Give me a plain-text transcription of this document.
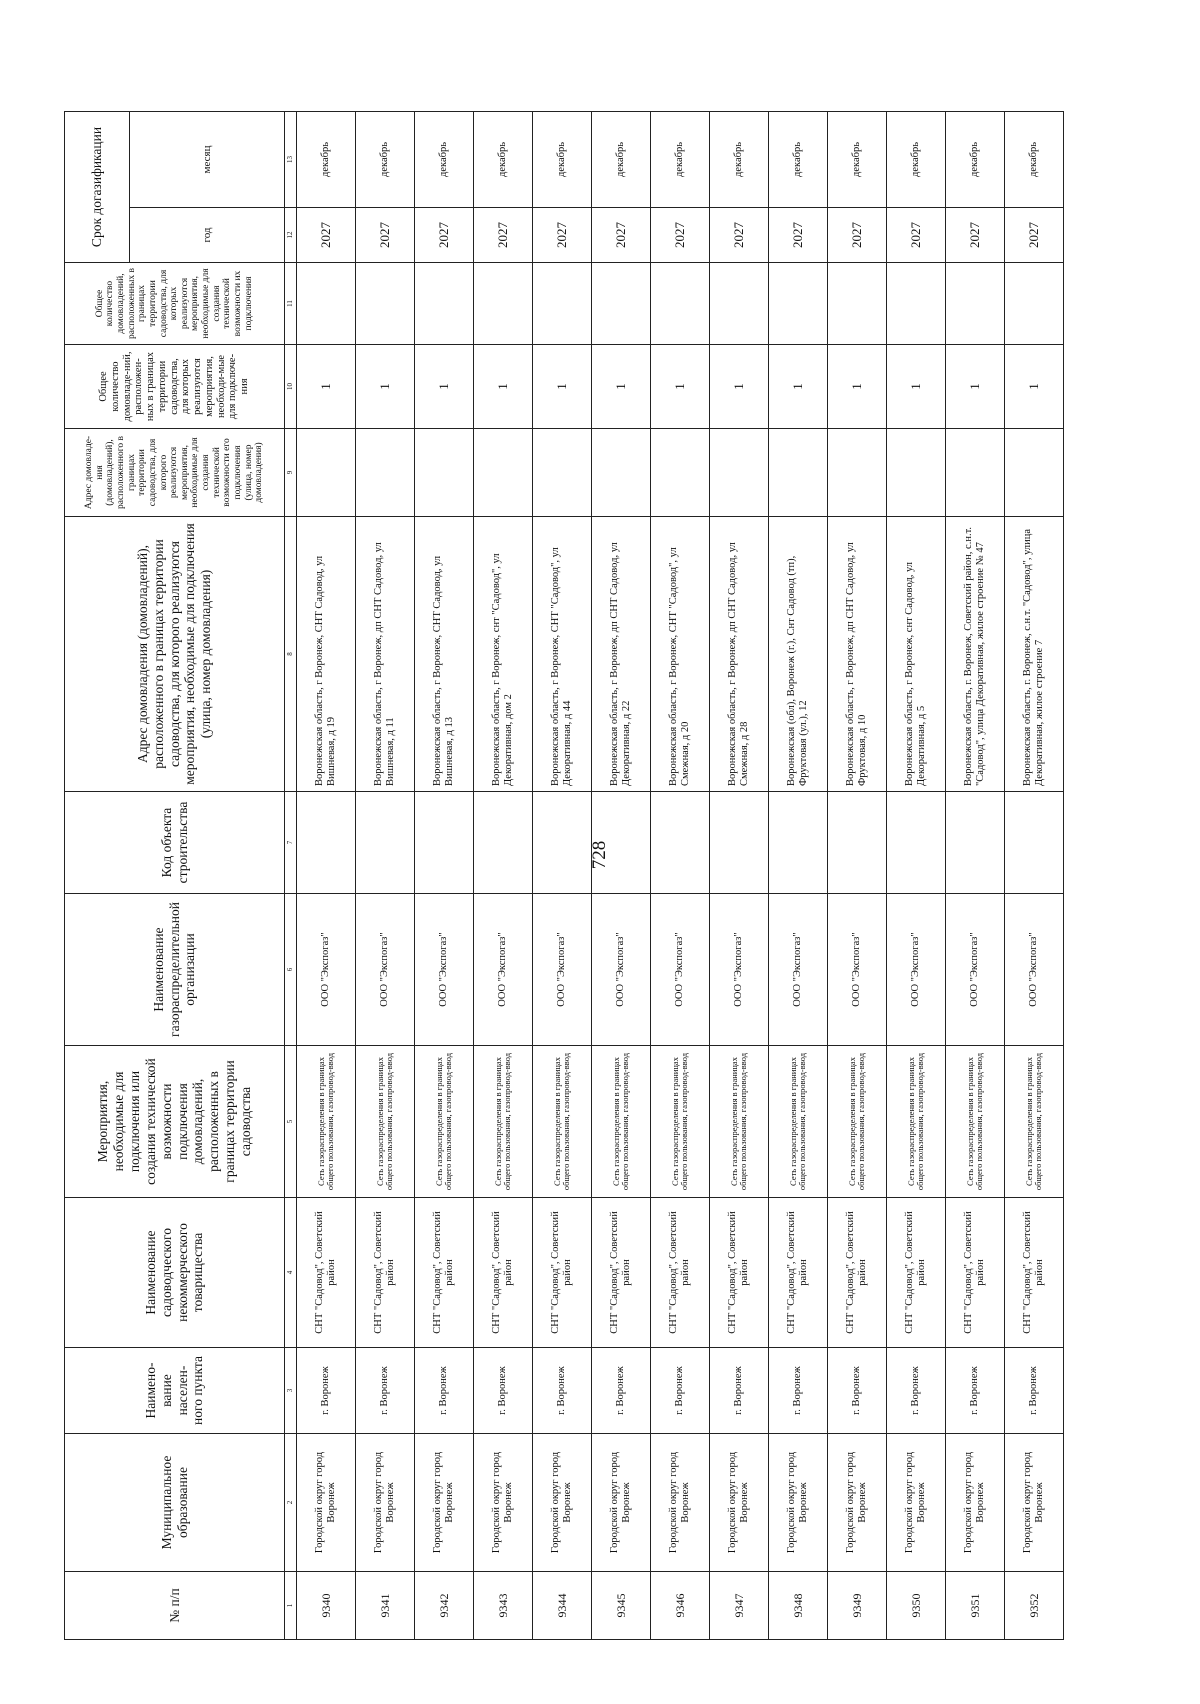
728
№ п/п	Муниципальное образование	Наимено-вание населен-ного пункта	Наименование садоводческого некоммерческого товарищества	Мероприятия, необходимые для подключения или создания технической возможности подключения домовладений, расположенных в границах территории садоводства	Наименование газораспределительной организации	Код объекта строительства	Адрес домовладения (домовладений), расположенного в границах территории садоводства, для которого реализуются мероприятия, необходимые для подключения (улица, номер домовладения)	Адрес домовладе-ния (домовладений), расположенного в границах территории садоводства, для которого реализуются мероприятия, необходимые для создания технической возможности его подключения (улица, номер домовладения)	Общее количество домовладе-ний, расположен-ных в границах территории садоводства, для которых реализуются мероприятия, необходи-мые для подключе-ния	Общее количество домовладений, расположенных в границах территории садоводства, для которых реализуются мероприятия, необходимые для создания технической возможности их подключения	Срок догазификации	
											год	месяц
1	2	3	4	5	6	7	8	9	10	11	12	13
9340	Городской округ город Воронеж	г. Воронеж	СНТ "Садовод", Советский район	Сеть газораспределения в границах общего пользования, газопровод-ввод	ООО "Экспогаз"		Воронежская область, г Воронеж, СНТ Садовод, ул Вишневая, д 19		1		2027	декабрь
9341	Городской округ город Воронеж	г. Воронеж	СНТ "Садовод", Советский район	Сеть газораспределения в границах общего пользования, газопровод-ввод	ООО "Экспогаз"		Воронежская область, г Воронеж, дп СНТ Садовод, ул Вишневая, д 11		1		2027	декабрь
9342	Городской округ город Воронеж	г. Воронеж	СНТ "Садовод", Советский район	Сеть газораспределения в границах общего пользования, газопровод-ввод	ООО "Экспогаз"		Воронежская область, г Воронеж, СНТ Садовод, ул Вишневая, д 13		1		2027	декабрь
9343	Городской округ город Воронеж	г. Воронеж	СНТ "Садовод", Советский район	Сеть газораспределения в границах общего пользования, газопровод-ввод	ООО "Экспогаз"		Воронежская область, г Воронеж, снт "Садовод", ул Декоративная, дом 2		1		2027	декабрь
9344	Городской округ город Воронеж	г. Воронеж	СНТ "Садовод", Советский район	Сеть газораспределения в границах общего пользования, газопровод-ввод	ООО "Экспогаз"		Воронежская область, г Воронеж, СНТ "Садовод", ул Декоративная, д 44		1		2027	декабрь
9345	Городской округ город Воронеж	г. Воронеж	СНТ "Садовод", Советский район	Сеть газораспределения в границах общего пользования, газопровод-ввод	ООО "Экспогаз"		Воронежская область, г Воронеж, дп СНТ Садовод, ул Декоративная, д 22		1		2027	декабрь
9346	Городской округ город Воронеж	г. Воронеж	СНТ "Садовод", Советский район	Сеть газораспределения в границах общего пользования, газопровод-ввод	ООО "Экспогаз"		Воронежская область, г Воронеж, СНТ "Садовод", ул Смежная, д 20		1		2027	декабрь
9347	Городской округ город Воронеж	г. Воронеж	СНТ "Садовод", Советский район	Сеть газораспределения в границах общего пользования, газопровод-ввод	ООО "Экспогаз"		Воронежская область, г Воронеж, дп СНТ Садовод, ул Смежная, д 28		1		2027	декабрь
9348	Городской округ город Воронеж	г. Воронеж	СНТ "Садовод", Советский район	Сеть газораспределения в границах общего пользования, газопровод-ввод	ООО "Экспогаз"		Воронежская (обл), Воронеж (г.), Снт Садовод (тп), Фруктовая (ул.), 12		1		2027	декабрь
9349	Городской округ город Воронеж	г. Воронеж	СНТ "Садовод", Советский район	Сеть газораспределения в границах общего пользования, газопровод-ввод	ООО "Экспогаз"		Воронежская область, г Воронеж, дп СНТ Садовод, ул Фруктовая, д 10		1		2027	декабрь
9350	Городской округ город Воронеж	г. Воронеж	СНТ "Садовод", Советский район	Сеть газораспределения в границах общего пользования, газопровод-ввод	ООО "Экспогаз"		Воронежская область, г Воронеж, снт Садовод, ул Декоративная, д 5		1		2027	декабрь
9351	Городской округ город Воронеж	г. Воронеж	СНТ "Садовод", Советский район	Сеть газораспределения в границах общего пользования, газопровод-ввод	ООО "Экспогаз"		Воронежская область, г. Воронеж, Советский район, с.н.т. "Садовод", улица Декоративная, жилое строение № 47		1		2027	декабрь
9352	Городской округ город Воронеж	г. Воронеж	СНТ "Садовод", Советский район	Сеть газораспределения в границах общего пользования, газопровод-ввод	ООО "Экспогаз"		Воронежская область, г. Воронеж, с.н.т. "Садовод", улица Декоративная, жилое строение 7		1		2027	декабрь
